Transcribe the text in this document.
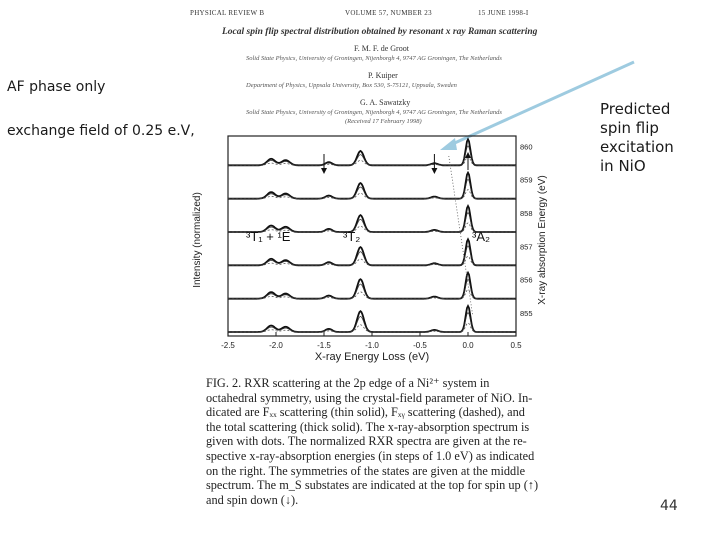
PHYSICAL REVIEW B	VOLUME 57, NUMBER 23	15 JUNE 1998-I
Local spin flip spectral distribution obtained by resonant x ray Raman scattering
F. M. F. de Groot
Solid State Physics, University of Groningen, Nijenborgh 4, 9747 AG Groningen, The Netherlands
P. Kuiper
Department of Physics, Uppsala University, Box 530, S-75121, Uppsala, Sweden
G. A. Sawatzky
Solid State Physics, University of Groningen, Nijenborgh 4, 9747 AG Groningen, The Netherlands
(Received 17 February 1998)
AF phase only
exchange field of 0.25 e.V,
Predicted
spin flip
excitation
in NiO
44
-2.5	-2.0	-1.5	-1.0	-0.5	0.0	0.5
860
859
858
857
856
855
Intensity (normalized)	X-ray absorption Energy (eV)
X-ray Energy Loss (eV)
³T₁ + ¹E	³T₂	³A₂
FIG. 2. RXR scattering at the 2p edge of a Ni²⁺ system in
octahedral symmetry, using the crystal-field parameter of NiO. In-
dicated are Fₓₓ scattering (thin solid), Fₓᵧ scattering (dashed), and
the total scattering (thick solid). The x-ray-absorption spectrum is
given with dots. The normalized RXR spectra are given at the re-
spective x-ray-absorption energies (in steps of 1.0 eV) as indicated
on the right. The symmetries of the states are given at the middle
spectrum. The m_S substates are indicated at the top for spin up (↑)
and spin down (↓).
